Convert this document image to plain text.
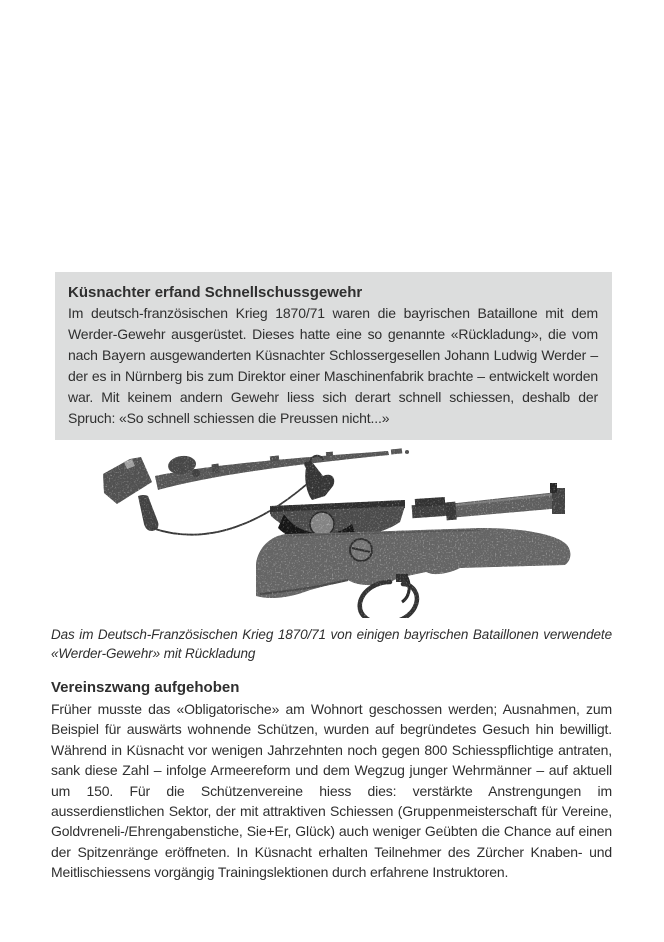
Küsnachter erfand Schnellschussgewehr

Im deutsch-französischen Krieg 1870/71 waren die bayrischen Bataillone mit dem Werder-Gewehr ausgerüstet. Dieses hatte eine so genannte «Rückladung», die vom nach Bayern ausgewanderten Küsnachter Schlossergesellen Johann Ludwig Werder – der es in Nürnberg bis zum Direktor einer Maschinenfabrik brachte – entwickelt worden war. Mit keinem andern Gewehr liess sich derart schnell schiessen, deshalb der Spruch: «So schnell schiessen die Preussen nicht...»

Das im Deutsch-Französischen Krieg 1870/71 von einigen bayrischen Bataillonen verwendete «Werder-Gewehr» mit Rückladung
Vereinszwang aufgehoben

Früher musste das «Obligatorische» am Wohnort geschossen werden; Ausnahmen, zum Beispiel für auswärts wohnende Schützen, wurden auf begründetes Gesuch hin bewilligt. Während in Küsnacht vor wenigen Jahrzehnten noch gegen 800 Schiesspflichtige antraten, sank diese Zahl – infolge Armeereform und dem Wegzug junger Wehrmänner – auf aktuell um 150. Für die Schützenvereine hiess dies: verstärkte Anstrengungen im ausserdienstlichen Sektor, der mit attraktiven Schiessen (Gruppenmeisterschaft für Vereine, Goldvreneli-/Ehrengabenstiche, Sie+Er, Glück) auch weniger Geübten die Chance auf einen der Spitzenränge eröffneten. In Küsnacht erhalten Teilnehmer des Zürcher Knaben- und Meitlischiessens vorgängig Trainingslektionen durch erfahrene Instruktoren.
